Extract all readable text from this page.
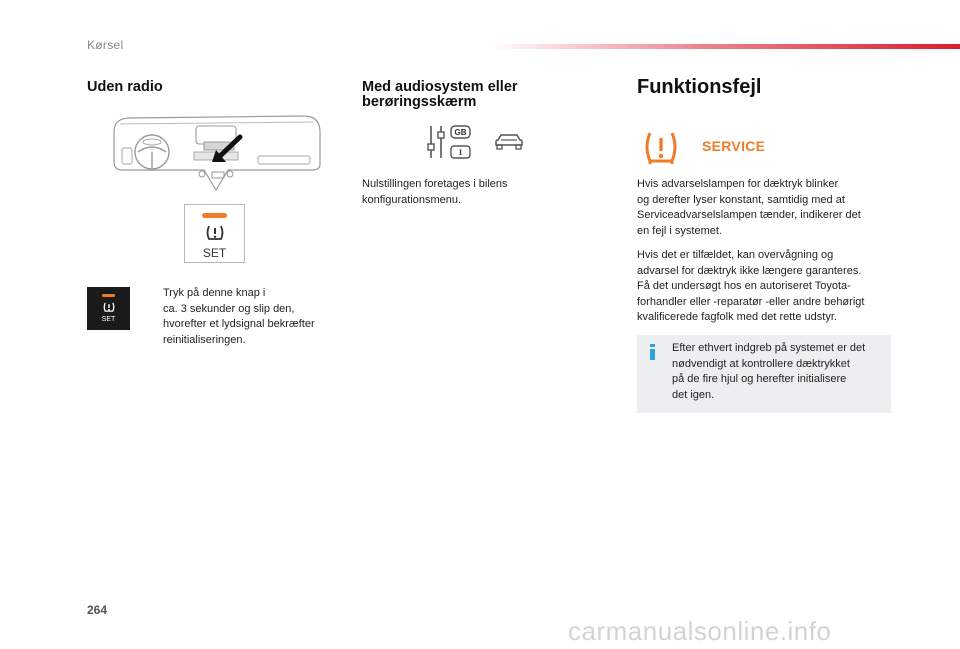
Kørsel
Uden radio
SET
SET
Tryk på denne knap i
ca. 3 sekunder og slip den,
hvorefter et lydsignal bekræfter
reinitialiseringen.
Med audiosystem eller
berøringsskærm
GB
I
Nulstillingen foretages i bilens
konfigurationsmenu.
Funktionsfejl
SERVICE
Hvis advarselslampen for dæktryk blinker
og derefter lyser konstant, samtidig med at
Serviceadvarselslampen tænder, indikerer det
en fejl i systemet.
Hvis det er tilfældet, kan overvågning og
advarsel for dæktryk ikke længere garanteres.
Få det undersøgt hos en autoriseret Toyota-
forhandler eller -reparatør -eller andre behørigt
kvalificerede fagfolk med det rette udstyr.
Efter ethvert indgreb på systemet er det
nødvendigt at kontrollere dæktrykket
på de fire hjul og herefter initialisere
det igen.
264
carmanualsonline.info
